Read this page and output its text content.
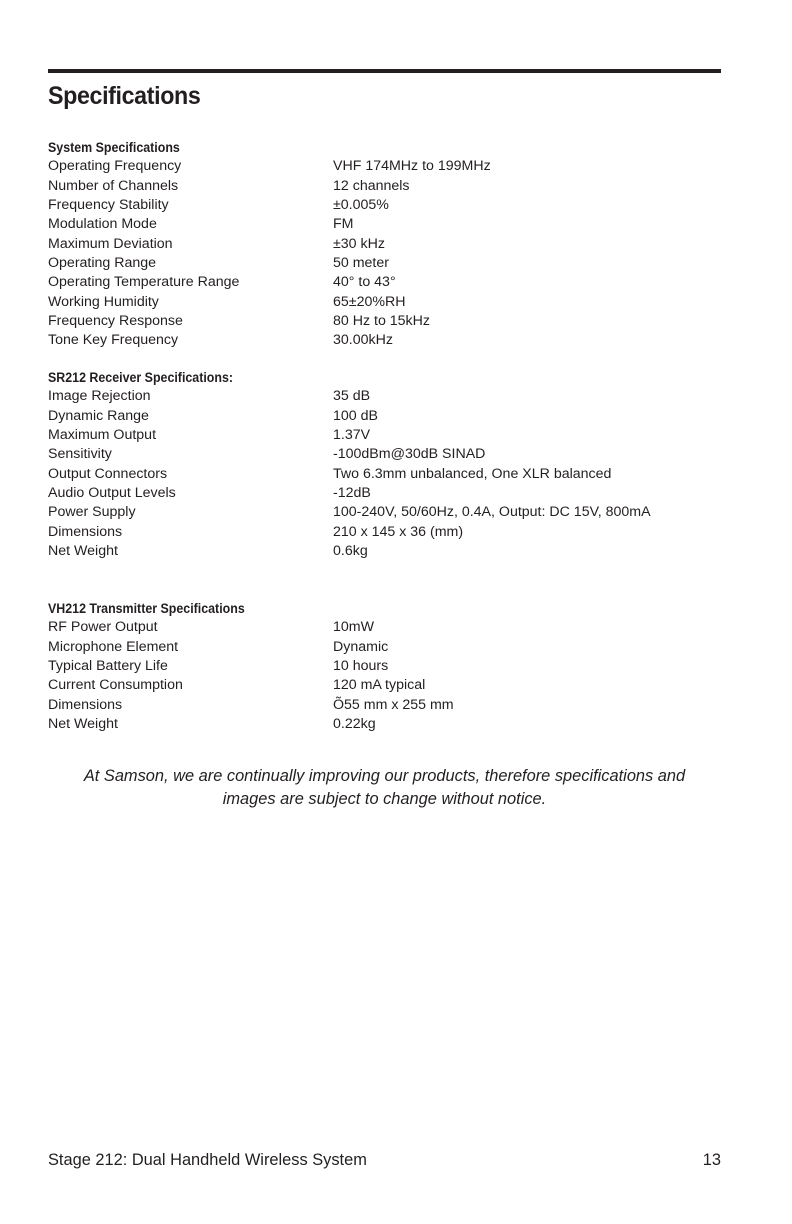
Specifications
System Specifications
Operating Frequency	VHF 174MHz to 199MHz
Number of Channels	12 channels
Frequency Stability	±0.005%
Modulation Mode	FM
Maximum Deviation	±30 kHz
Operating Range	50 meter
Operating Temperature Range	40° to 43°
Working Humidity	65±20%RH
Frequency Response	80 Hz to 15kHz
Tone Key Frequency	30.00kHz
SR212 Receiver Specifications:
Image Rejection	35 dB
Dynamic Range	100 dB
Maximum Output	1.37V
Sensitivity	-100dBm@30dB SINAD
Output Connectors	Two 6.3mm unbalanced, One XLR balanced
Audio Output Levels	-12dB
Power Supply	100-240V, 50/60Hz, 0.4A, Output: DC 15V, 800mA
Dimensions	210 x 145 x 36 (mm)
Net Weight	0.6kg
VH212 Transmitter Specifications
RF Power Output	10mW
Microphone Element	Dynamic
Typical Battery Life	10 hours
Current Consumption	120 mA typical
Dimensions	Õ55 mm x 255 mm
Net Weight	0.22kg

At Samson, we are continually improving our products, therefore specifications and
images are subject to change without notice.

Stage 212: Dual Handheld Wireless System	13
